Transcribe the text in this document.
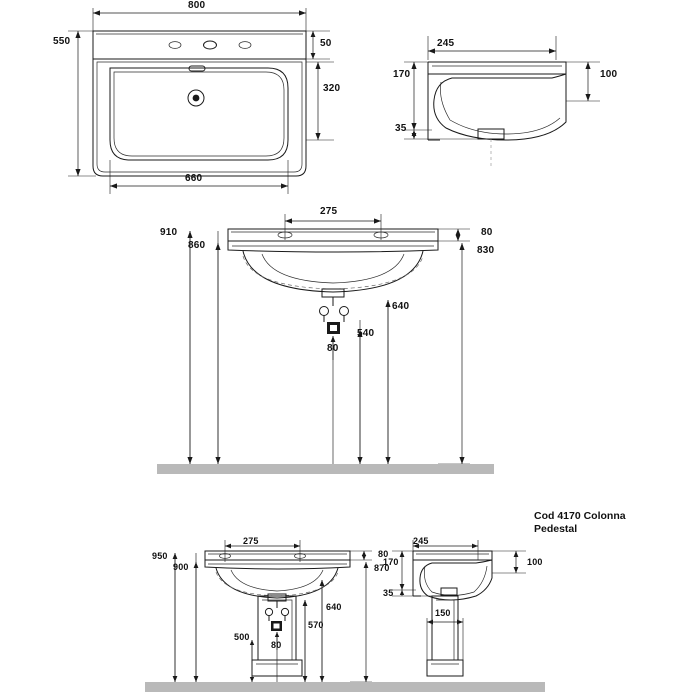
800
550	50
320
660
245
170
35
100
275
910
860
80
830
640
540
80
Cod 4170 Colonna
Pedestal
275
950
900
80
870
640
570
500
80
245
170
35
100
150
